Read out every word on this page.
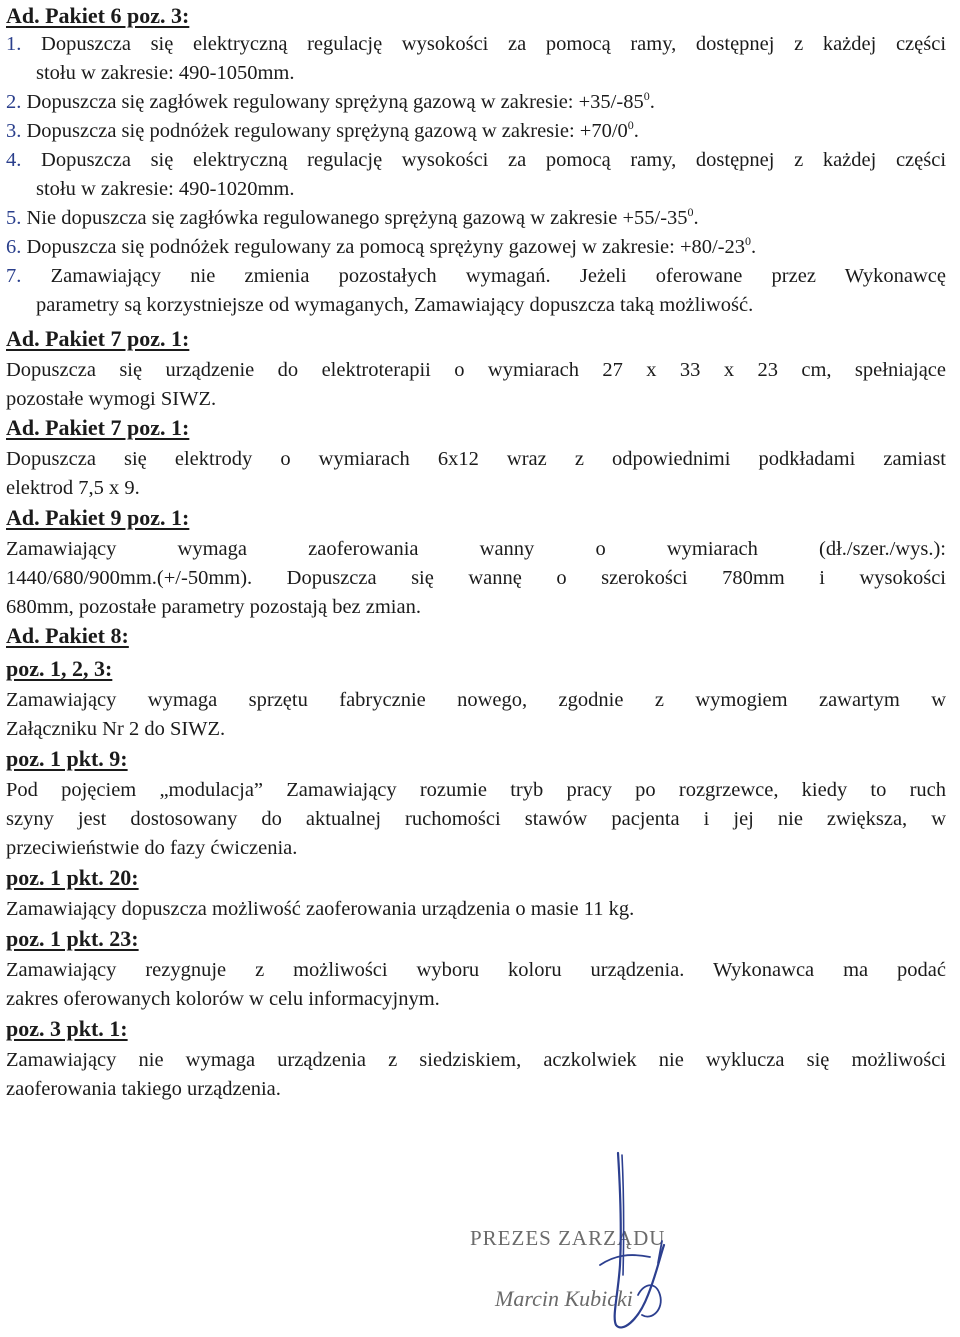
Ad. Pakiet 6 poz. 3:
1. Dopuszcza się elektryczną regulację wysokości za pomocą ramy, dostępnej z każdej części
stołu w zakresie: 490-1050mm.
2. Dopuszcza się zagłówek regulowany sprężyną gazową w zakresie: $+35/-85^0$.
3. Dopuszcza się podnóżek regulowany sprężyną gazową w zakresie: $+70/0^0$.
4. Dopuszcza się elektryczną regulację wysokości za pomocą ramy, dostępnej z każdej części
stołu w zakresie: 490-1020mm.
5. Nie dopuszcza się zagłówka regulowanego sprężyną gazową w zakresie $+55/-35^0$.
6. Dopuszcza się podnóżek regulowany za pomocą sprężyny gazowej w zakresie: $+80/-23^0$.
7. Zamawiający nie zmienia pozostałych wymagań. Jeżeli oferowane przez Wykonawcę
parametry są korzystniejsze od wymaganych, Zamawiający dopuszcza taką możliwość.
Ad. Pakiet 7 poz. 1:
Dopuszcza się urządzenie do elektroterapii o wymiarach 27 x 33 x 23 cm, spełniające
pozostałe wymogi SIWZ.
Ad. Pakiet 7 poz. 1:
Dopuszcza się elektrody o wymiarach 6x12 wraz z odpowiednimi podkładami zamiast
elektrod 7,5 x 9.
Ad. Pakiet 9 poz. 1:
Zamawiający wymaga zaoferowania wanny o wymiarach (dł./szer./wys.):
1440/680/900mm.(+/-50mm). Dopuszcza się wannę o szerokości 780mm i wysokości
680mm, pozostałe parametry pozostają bez zmian.
Ad. Pakiet 8:
poz. 1, 2, 3:
Zamawiający wymaga sprzętu fabrycznie nowego, zgodnie z wymogiem zawartym w
Załączniku Nr 2 do SIWZ.
poz. 1 pkt. 9:
Pod pojęciem „modulacja” Zamawiający rozumie tryb pracy po rozgrzewce, kiedy to ruch
szyny jest dostosowany do aktualnej ruchomości stawów pacjenta i jej nie zwiększa, w
przeciwieństwie do fazy ćwiczenia.
poz. 1 pkt. 20:
Zamawiający dopuszcza możliwość zaoferowania urządzenia o masie 11 kg.
poz. 1 pkt. 23:
Zamawiający rezygnuje z możliwości wyboru koloru urządzenia. Wykonawca ma podać
zakres oferowanych kolorów w celu informacyjnym.
poz. 3 pkt. 1:
Zamawiający nie wymaga urządzenia z siedziskiem, aczkolwiek nie wyklucza się możliwości
zaoferowania takiego urządzenia.
PREZES ZARZĄDU
Marcin Kubicki
